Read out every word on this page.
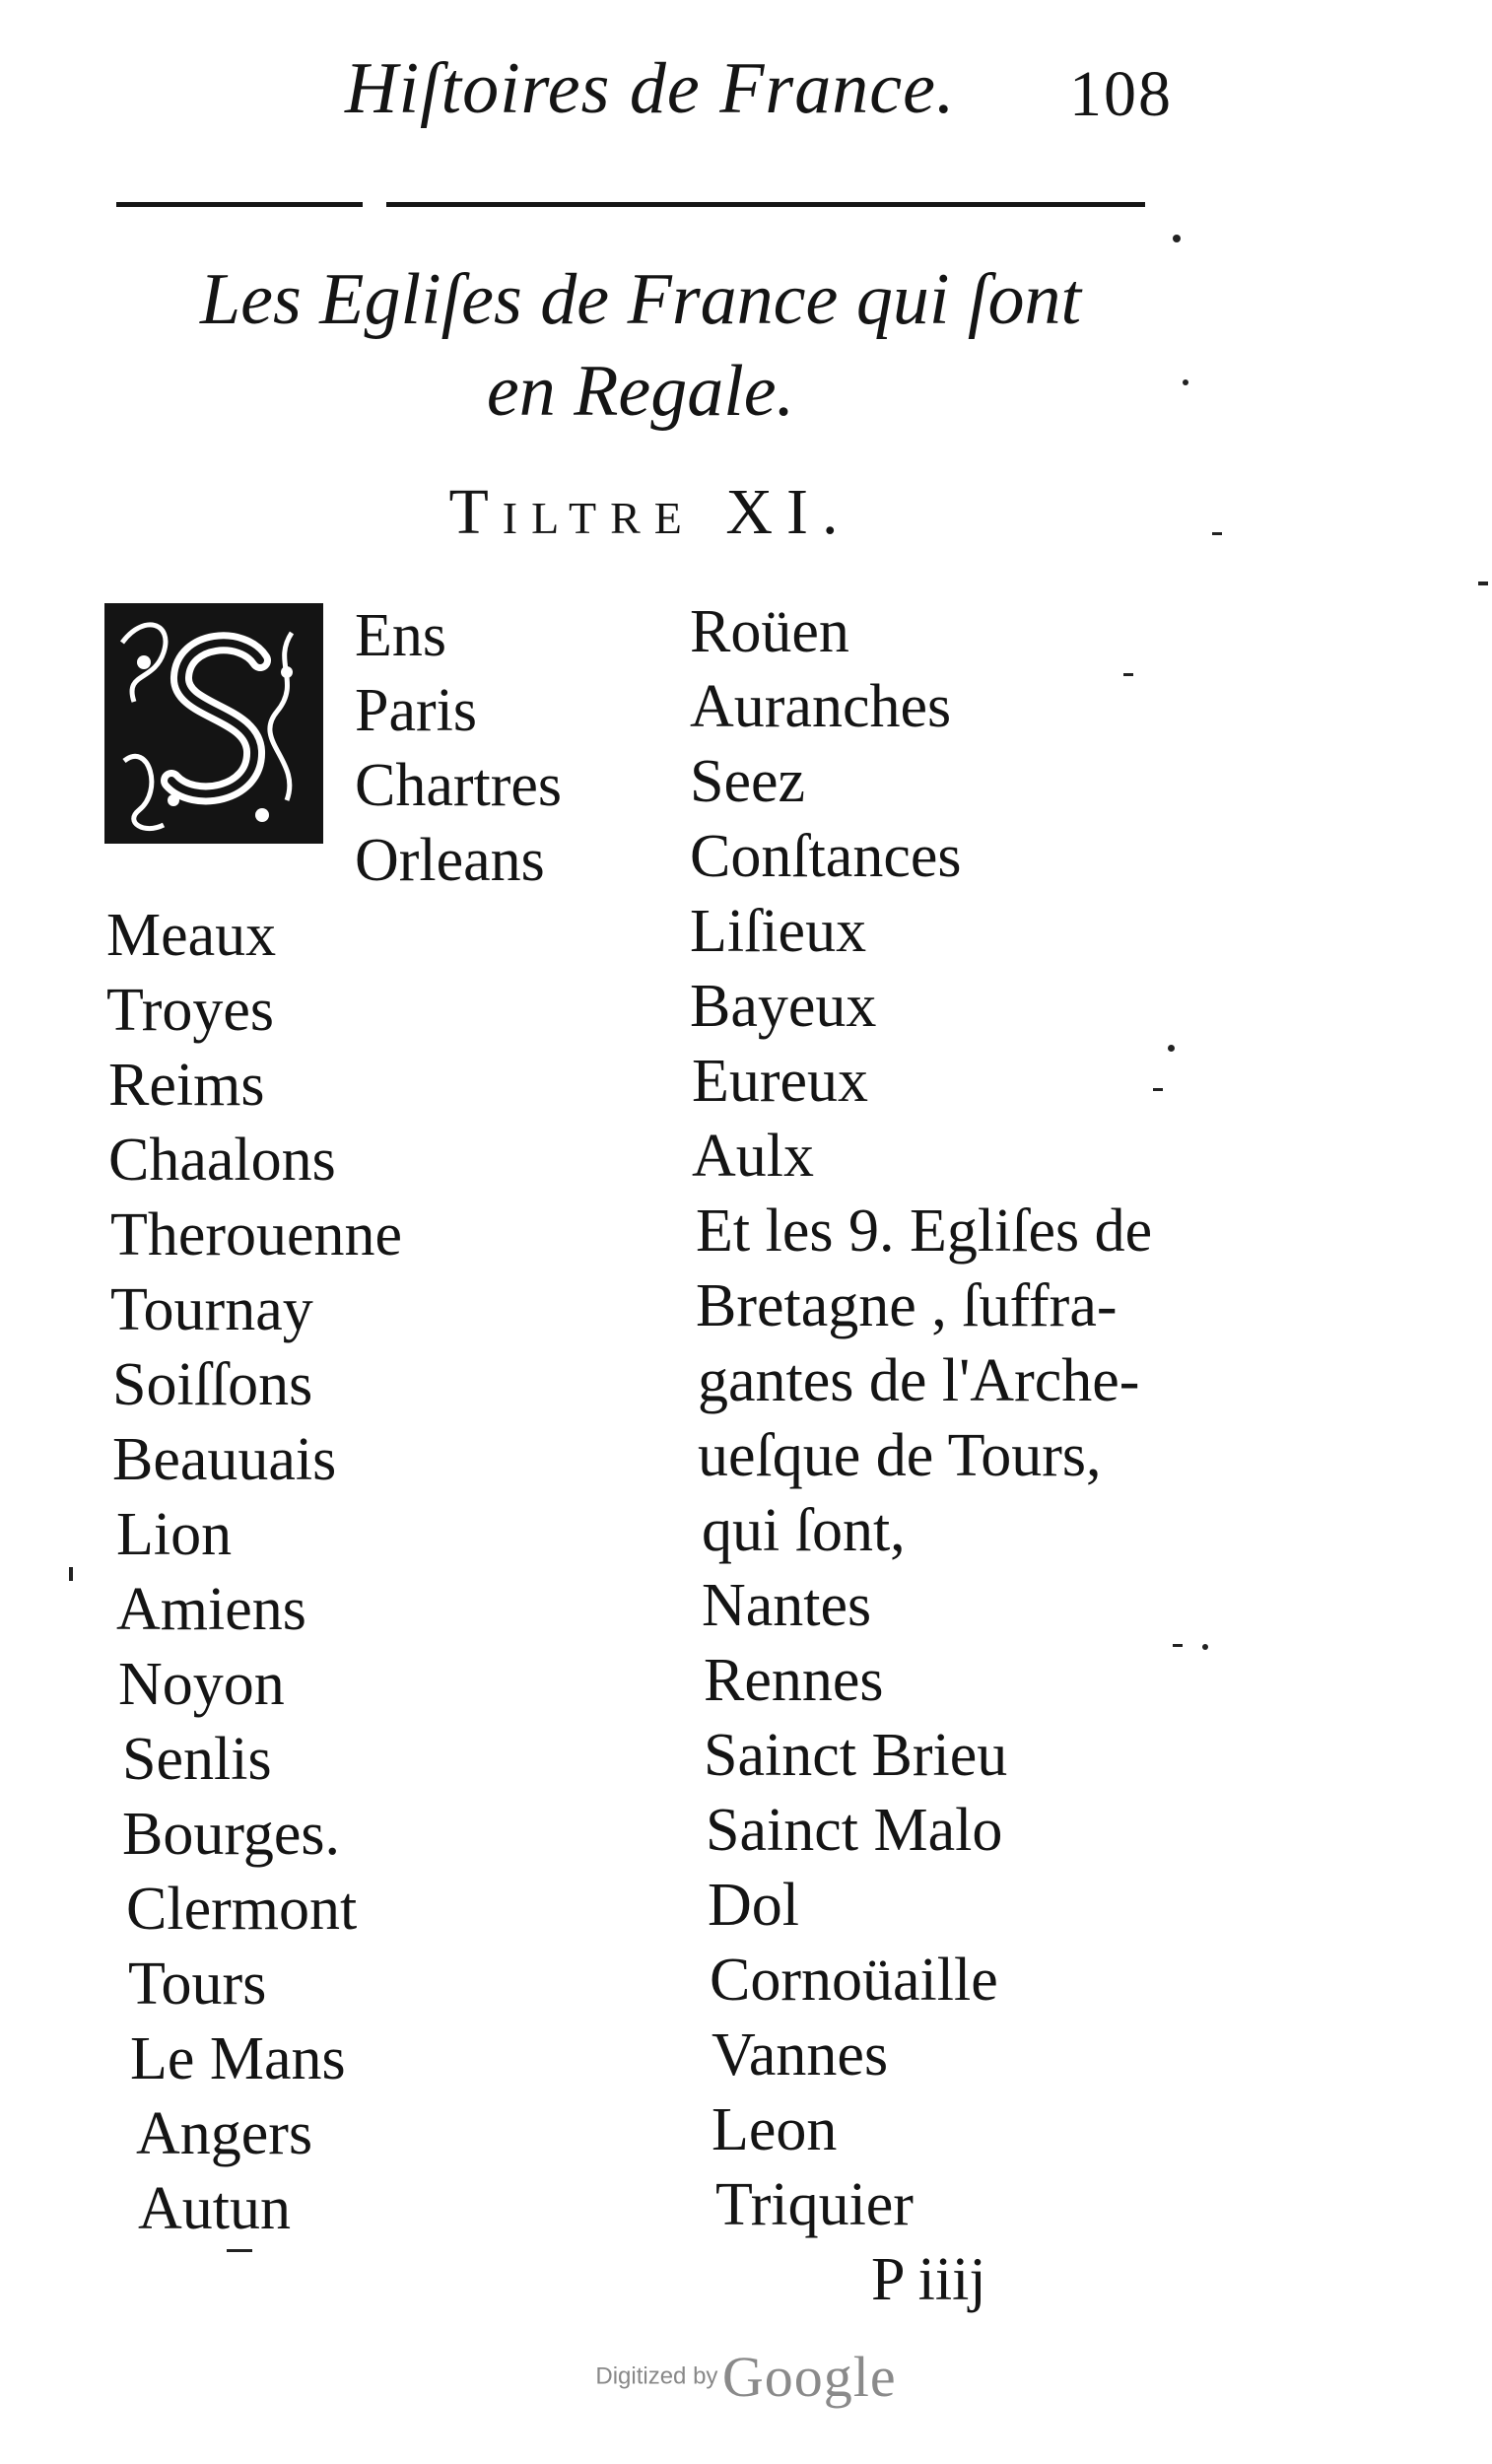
Hiſtoires de France. 108
Les Egliſes de France qui ſont
en Regale.
Tiltre XI.
Ens
Paris
Chartres
Orleans
Meaux
Troyes
Reims
Chaalons
Therouenne
Tournay
Soiſſons
Beauuais
Lion
Amiens
Noyon
Senlis
Bourges.
Clermont
Tours
Le Mans
Angers
Autun
Roüen
Auranches
Seez
Conſtances
Liſieux
Bayeux
Eureux
Aulx
Et les 9. Egliſes de
Bretagne , ſuffra-
gantes de l'Arche-
ueſque de Tours,
qui ſont,
Nantes
Rennes
Sainct Brieu
Sainct Malo
Dol
Cornoüaille
Vannes
Leon
Triquier
P iiij
Digitized by Google
